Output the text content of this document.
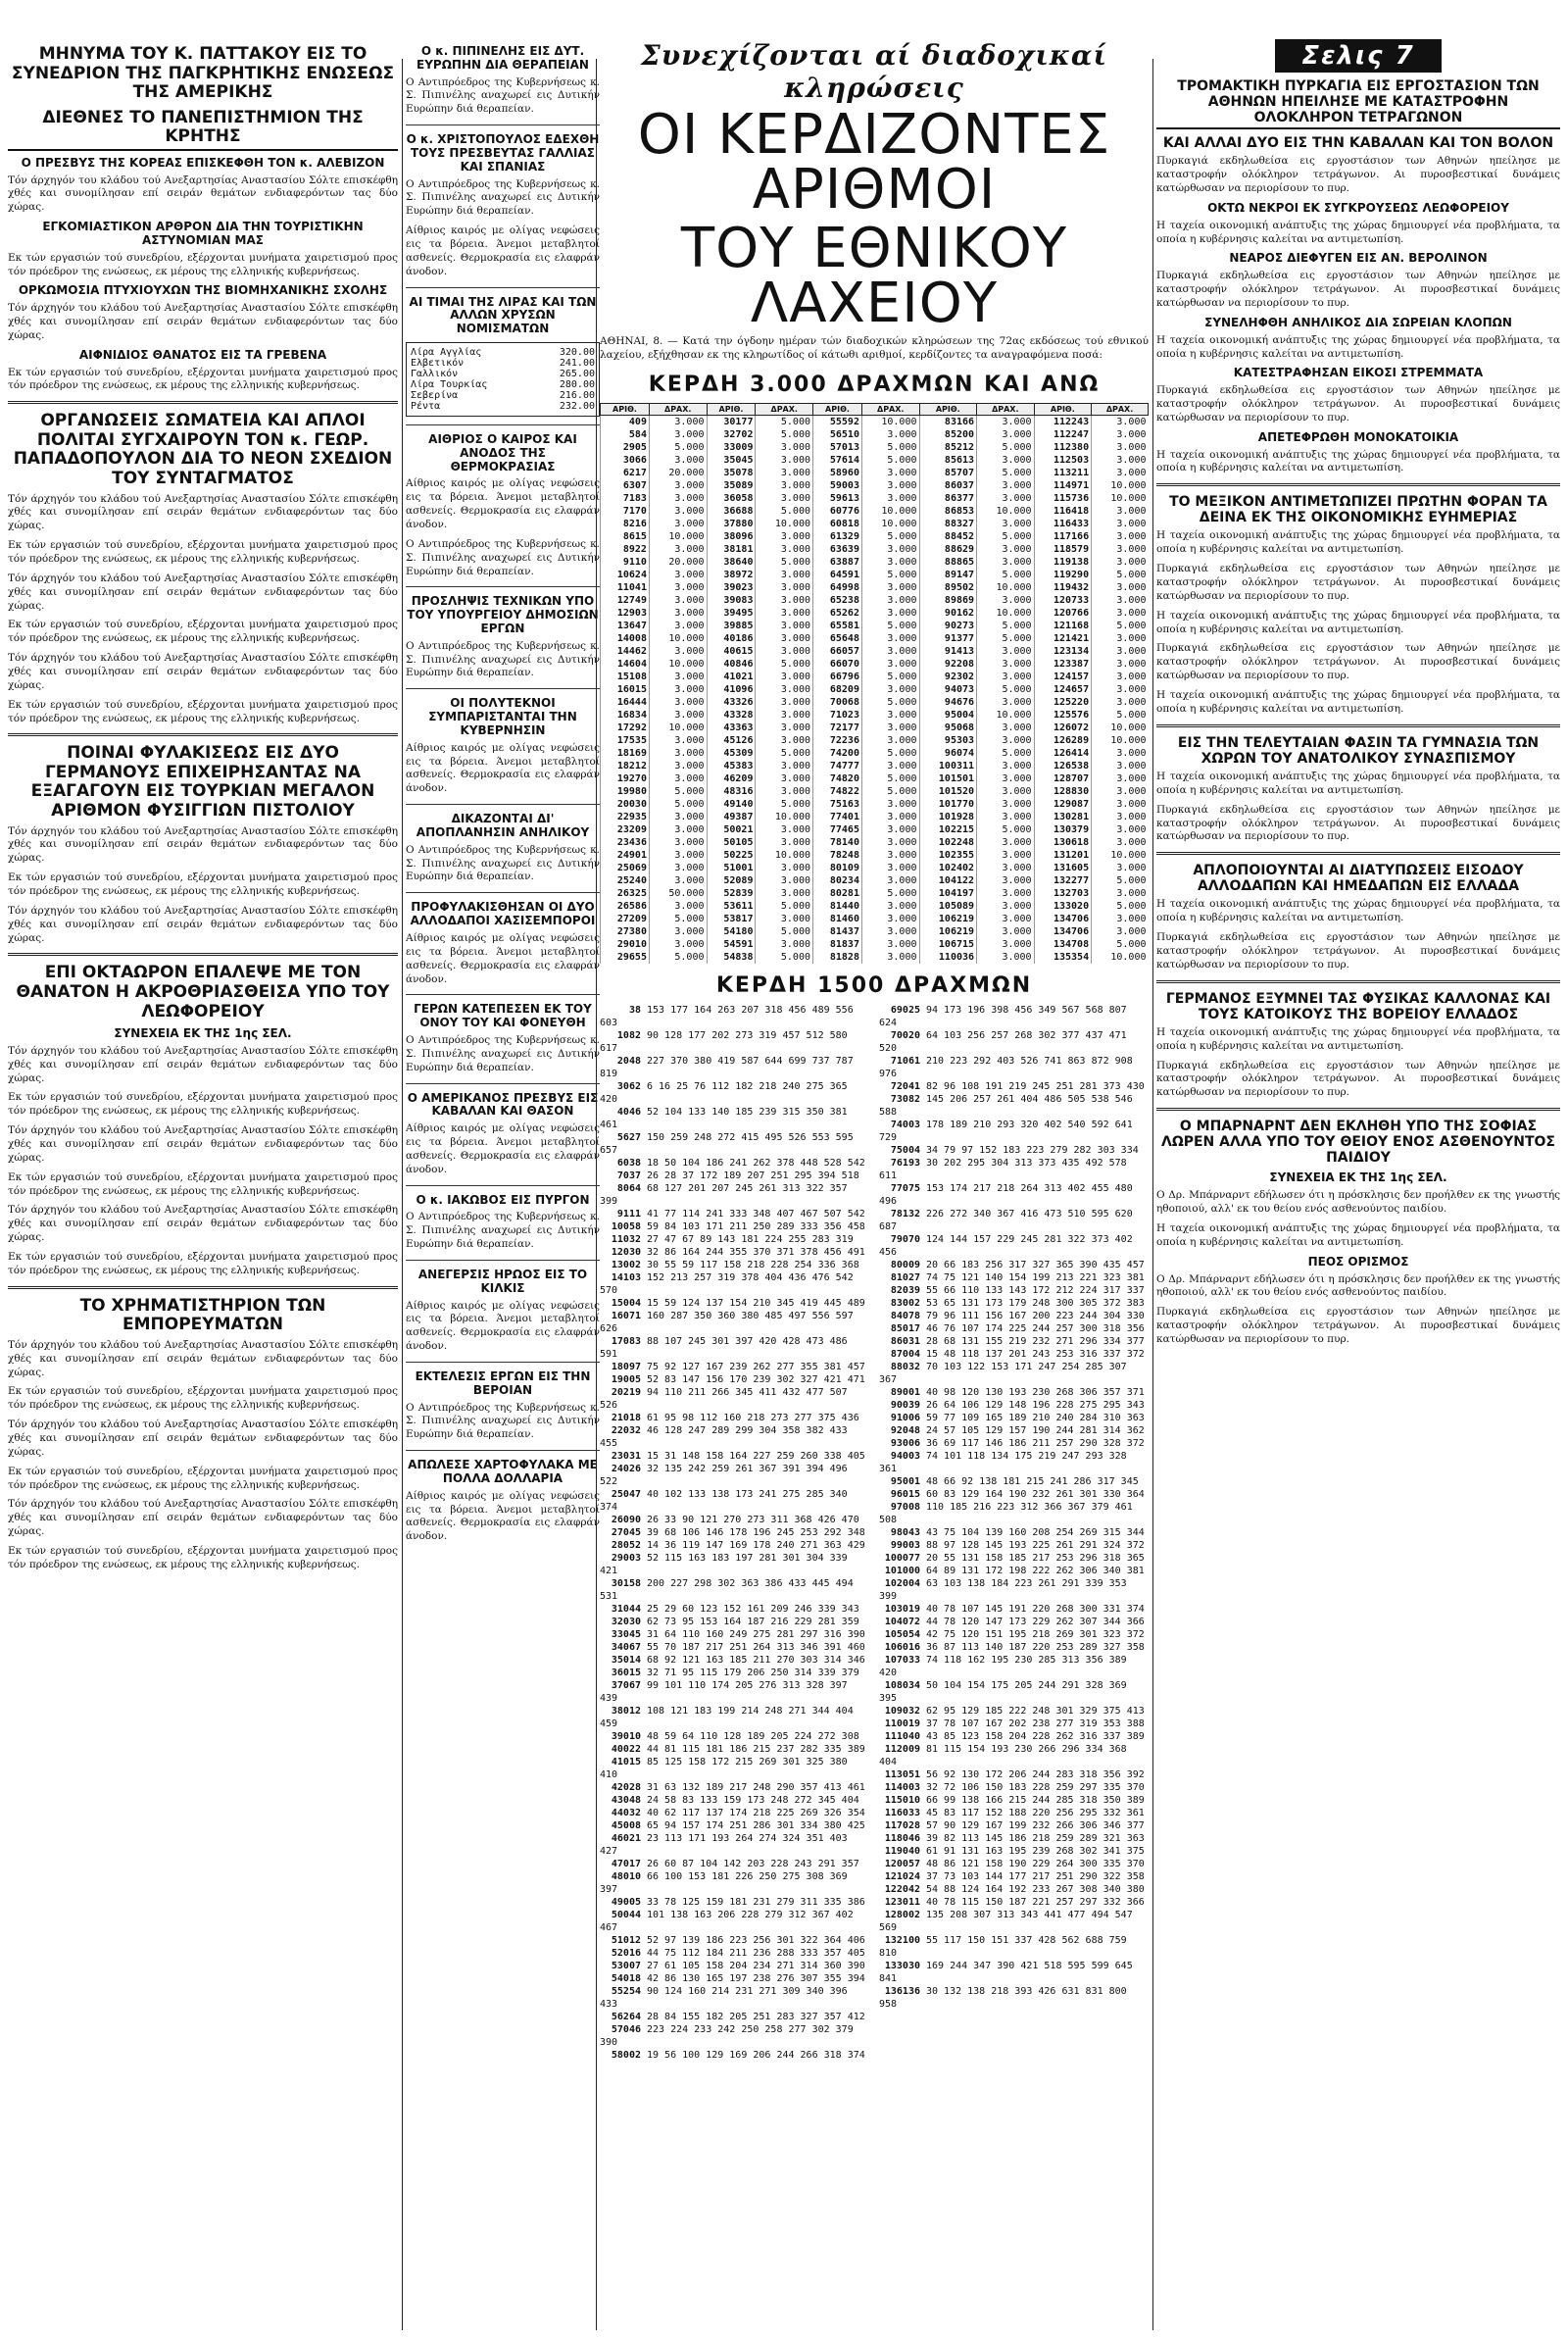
ΜΗΝΥΜΑ ΤΟΥ Κ. ΠΑΤΤΑΚΟΥ ΕΙΣ ΤΟ ΣΥΝΕΔΡΙΟΝ ΤΗΣ ΠΑΓΚΡΗΤΙΚΗΣ ΕΝΩΣΕΩΣ ΤΗΣ ΑΜΕΡΙΚΗΣ
ΔΙΕΘΝΕΣ ΤΟ ΠΑΝΕΠΙΣΤΗΜΙΟΝ ΤΗΣ ΚΡΗΤΗΣ
Ο ΠΡΕΣΒΥΣ ΤΗΣ ΚΟΡΕΑΣ ΕΠΙΣΚΕΦΘΗ ΤΟΝ κ. ΑΛΕΒΙΖΟΝ

Τόν άρχηγόν του κλάδου τού Ανεξαρτησίας Αναστασίου Σόλτε επισκέφθη χθές και συνομίλησαν επί σειράν θεμάτων ενδιαφερόντων τας δύο χώρας.

ΕΓΚΟΜΙΑΣΤΙΚΟΝ ΑΡΘΡΟΝ ΔΙΑ ΤΗΝ ΤΟΥΡΙΣΤΙΚΗΝ ΑΣΤΥΝΟΜΙΑΝ ΜΑΣ

Εκ τών εργασιών τού συνεδρίου, εξέρχονται μυνήματα χαιρετισμού προς τόν πρόεδρον της ενώσεως, εκ μέρους της ελληνικής κυβερνήσεως.

ΟΡΚΩΜΟΣΙΑ ΠΤΥΧΙΟΥΧΩΝ ΤΗΣ ΒΙΟΜΗΧΑΝΙΚΗΣ ΣΧΟΛΗΣ

Τόν άρχηγόν του κλάδου τού Ανεξαρτησίας Αναστασίου Σόλτε επισκέφθη χθές και συνομίλησαν επί σειράν θεμάτων ενδιαφερόντων τας δύο χώρας.

ΑΙΦΝΙΔΙΟΣ ΘΑΝΑΤΟΣ ΕΙΣ ΤΑ ΓΡΕΒΕΝΑ

Εκ τών εργασιών τού συνεδρίου, εξέρχονται μυνήματα χαιρετισμού προς τόν πρόεδρον της ενώσεως, εκ μέρους της ελληνικής κυβερνήσεως.

ΟΡΓΑΝΩΣΕΙΣ ΣΩΜΑΤΕΙΑ ΚΑΙ ΑΠΛΟΙ ΠΟΛΙΤΑΙ ΣΥΓΧΑΙΡΟΥΝ ΤΟΝ κ. ΓΕΩΡ. ΠΑΠΑΔΟΠΟΥΛΟΝ ΔΙΑ ΤΟ ΝΕΟΝ ΣΧΕΔΙΟΝ ΤΟΥ ΣΥΝΤΑΓΜΑΤΟΣ

Τόν άρχηγόν του κλάδου τού Ανεξαρτησίας Αναστασίου Σόλτε επισκέφθη χθές και συνομίλησαν επί σειράν θεμάτων ενδιαφερόντων τας δύο χώρας.

Εκ τών εργασιών τού συνεδρίου, εξέρχονται μυνήματα χαιρετισμού προς τόν πρόεδρον της ενώσεως, εκ μέρους της ελληνικής κυβερνήσεως.

Τόν άρχηγόν του κλάδου τού Ανεξαρτησίας Αναστασίου Σόλτε επισκέφθη χθές και συνομίλησαν επί σειράν θεμάτων ενδιαφερόντων τας δύο χώρας.

Εκ τών εργασιών τού συνεδρίου, εξέρχονται μυνήματα χαιρετισμού προς τόν πρόεδρον της ενώσεως, εκ μέρους της ελληνικής κυβερνήσεως.

Τόν άρχηγόν του κλάδου τού Ανεξαρτησίας Αναστασίου Σόλτε επισκέφθη χθές και συνομίλησαν επί σειράν θεμάτων ενδιαφερόντων τας δύο χώρας.

Εκ τών εργασιών τού συνεδρίου, εξέρχονται μυνήματα χαιρετισμού προς τόν πρόεδρον της ενώσεως, εκ μέρους της ελληνικής κυβερνήσεως.

ΠΟΙΝΑΙ ΦΥΛΑΚΙΣΕΩΣ ΕΙΣ ΔΥΟ ΓΕΡΜΑΝΟΥΣ ΕΠΙΧΕΙΡΗΣΑΝΤΑΣ ΝΑ ΕΞΑΓΑΓΟΥΝ ΕΙΣ ΤΟΥΡΚΙΑΝ ΜΕΓΑΛΟΝ ΑΡΙΘΜΟΝ ΦΥΣΙΓΓΙΩΝ ΠΙΣΤΟΛΙΟΥ

Τόν άρχηγόν του κλάδου τού Ανεξαρτησίας Αναστασίου Σόλτε επισκέφθη χθές και συνομίλησαν επί σειράν θεμάτων ενδιαφερόντων τας δύο χώρας.

Εκ τών εργασιών τού συνεδρίου, εξέρχονται μυνήματα χαιρετισμού προς τόν πρόεδρον της ενώσεως, εκ μέρους της ελληνικής κυβερνήσεως.

Τόν άρχηγόν του κλάδου τού Ανεξαρτησίας Αναστασίου Σόλτε επισκέφθη χθές και συνομίλησαν επί σειράν θεμάτων ενδιαφερόντων τας δύο χώρας.

ΕΠΙ ΟΚΤΑΩΡΟΝ ΕΠΑΛΕΨΕ ΜΕ ΤΟΝ ΘΑΝΑΤΟΝ Η ΑΚΡΟΘΡΙΑΣΘΕΙΣΑ ΥΠΟ ΤΟΥ ΛΕΩΦΟΡΕΙΟΥ
ΣΥΝΕΧΕΙΑ ΕΚ ΤΗΣ 1ης ΣΕΛ.

Τόν άρχηγόν του κλάδου τού Ανεξαρτησίας Αναστασίου Σόλτε επισκέφθη χθές και συνομίλησαν επί σειράν θεμάτων ενδιαφερόντων τας δύο χώρας.

Εκ τών εργασιών τού συνεδρίου, εξέρχονται μυνήματα χαιρετισμού προς τόν πρόεδρον της ενώσεως, εκ μέρους της ελληνικής κυβερνήσεως.

Τόν άρχηγόν του κλάδου τού Ανεξαρτησίας Αναστασίου Σόλτε επισκέφθη χθές και συνομίλησαν επί σειράν θεμάτων ενδιαφερόντων τας δύο χώρας.

Εκ τών εργασιών τού συνεδρίου, εξέρχονται μυνήματα χαιρετισμού προς τόν πρόεδρον της ενώσεως, εκ μέρους της ελληνικής κυβερνήσεως.

Τόν άρχηγόν του κλάδου τού Ανεξαρτησίας Αναστασίου Σόλτε επισκέφθη χθές και συνομίλησαν επί σειράν θεμάτων ενδιαφερόντων τας δύο χώρας.

Εκ τών εργασιών τού συνεδρίου, εξέρχονται μυνήματα χαιρετισμού προς τόν πρόεδρον της ενώσεως, εκ μέρους της ελληνικής κυβερνήσεως.

ΤΟ ΧΡΗΜΑΤΙΣΤΗΡΙΟΝ ΤΩΝ ΕΜΠΟΡΕΥΜΑΤΩΝ

Τόν άρχηγόν του κλάδου τού Ανεξαρτησίας Αναστασίου Σόλτε επισκέφθη χθές και συνομίλησαν επί σειράν θεμάτων ενδιαφερόντων τας δύο χώρας.

Εκ τών εργασιών τού συνεδρίου, εξέρχονται μυνήματα χαιρετισμού προς τόν πρόεδρον της ενώσεως, εκ μέρους της ελληνικής κυβερνήσεως.

Τόν άρχηγόν του κλάδου τού Ανεξαρτησίας Αναστασίου Σόλτε επισκέφθη χθές και συνομίλησαν επί σειράν θεμάτων ενδιαφερόντων τας δύο χώρας.

Εκ τών εργασιών τού συνεδρίου, εξέρχονται μυνήματα χαιρετισμού προς τόν πρόεδρον της ενώσεως, εκ μέρους της ελληνικής κυβερνήσεως.

Τόν άρχηγόν του κλάδου τού Ανεξαρτησίας Αναστασίου Σόλτε επισκέφθη χθές και συνομίλησαν επί σειράν θεμάτων ενδιαφερόντων τας δύο χώρας.

Εκ τών εργασιών τού συνεδρίου, εξέρχονται μυνήματα χαιρετισμού προς τόν πρόεδρον της ενώσεως, εκ μέρους της ελληνικής κυβερνήσεως.

Ο κ. ΠΙΠΙΝΕΛΗΣ ΕΙΣ ΔΥΤ. ΕΥΡΩΠΗΝ ΔΙΑ ΘΕΡΑΠΕΙΑΝ

Ο Αντιπρόεδρος της Κυβερνήσεως κ. Σ. Πιπινέλης αναχωρεί εις Δυτικήν Ευρώπην διά θεραπείαν.

Ο κ. ΧΡΙΣΤΟΠΟΥΛΟΣ ΕΔΕΧΘΗ ΤΟΥΣ ΠΡΕΣΒΕΥΤΑΣ ΓΑΛΛΙΑΣ ΚΑΙ ΣΠΑΝΙΑΣ

Ο Αντιπρόεδρος της Κυβερνήσεως κ. Σ. Πιπινέλης αναχωρεί εις Δυτικήν Ευρώπην διά θεραπείαν.

Αίθριος καιρός με ολίγας νεφώσεις εις τα βόρεια. Άνεμοι μεταβλητοί ασθενείς. Θερμοκρασία εις ελαφράν άνοδον.

ΑΙ ΤΙΜΑΙ ΤΗΣ ΛΙΡΑΣ ΚΑΙ ΤΩΝ ΑΛΛΩΝ ΧΡΥΣΩΝ ΝΟΜΙΣΜΑΤΩΝ
Λίρα Αγγλίας	320.00
Ελβετικόν	241.00
Γαλλικόν	265.00
Λίρα Τουρκίας	280.00
Σεβερίνα	216.00
Ρέντα	232.00
ΑΙΘΡΙΟΣ Ο ΚΑΙΡΟΣ ΚΑΙ ΑΝΟΔΟΣ ΤΗΣ ΘΕΡΜΟΚΡΑΣΙΑΣ

Αίθριος καιρός με ολίγας νεφώσεις εις τα βόρεια. Άνεμοι μεταβλητοί ασθενείς. Θερμοκρασία εις ελαφράν άνοδον.

Ο Αντιπρόεδρος της Κυβερνήσεως κ. Σ. Πιπινέλης αναχωρεί εις Δυτικήν Ευρώπην διά θεραπείαν.

ΠΡΟΣΛΗΨΙΣ ΤΕΧΝΙΚΩΝ ΥΠΟ ΤΟΥ ΥΠΟΥΡΓΕΙΟΥ ΔΗΜΟΣΙΩΝ ΕΡΓΩΝ

Ο Αντιπρόεδρος της Κυβερνήσεως κ. Σ. Πιπινέλης αναχωρεί εις Δυτικήν Ευρώπην διά θεραπείαν.

ΟΙ ΠΟΛΥΤΕΚΝΟΙ ΣΥΜΠΑΡΙΣΤΑΝΤΑΙ ΤΗΝ ΚΥΒΕΡΝΗΣΙΝ

Αίθριος καιρός με ολίγας νεφώσεις εις τα βόρεια. Άνεμοι μεταβλητοί ασθενείς. Θερμοκρασία εις ελαφράν άνοδον.

ΔΙΚΑΖΟΝΤΑΙ ΔΙ' ΑΠΟΠΛΑΝΗΣΙΝ ΑΝΗΛΙΚΟΥ

Ο Αντιπρόεδρος της Κυβερνήσεως κ. Σ. Πιπινέλης αναχωρεί εις Δυτικήν Ευρώπην διά θεραπείαν.

ΠΡΟΦΥΛΑΚΙΣΘΗΣΑΝ ΟΙ ΔΥΟ ΑΛΛΟΔΑΠΟΙ ΧΑΣΙΣΕΜΠΟΡΟΙ

Αίθριος καιρός με ολίγας νεφώσεις εις τα βόρεια. Άνεμοι μεταβλητοί ασθενείς. Θερμοκρασία εις ελαφράν άνοδον.

ΓΕΡΩΝ ΚΑΤΕΠΕΣΕΝ ΕΚ ΤΟΥ ΟΝΟΥ ΤΟΥ ΚΑΙ ΦΟΝΕΥΘΗ

Ο Αντιπρόεδρος της Κυβερνήσεως κ. Σ. Πιπινέλης αναχωρεί εις Δυτικήν Ευρώπην διά θεραπείαν.

Ο ΑΜΕΡΙΚΑΝΟΣ ΠΡΕΣΒΥΣ ΕΙΣ ΚΑΒΑΛΑΝ ΚΑΙ ΘΑΣΟΝ

Αίθριος καιρός με ολίγας νεφώσεις εις τα βόρεια. Άνεμοι μεταβλητοί ασθενείς. Θερμοκρασία εις ελαφράν άνοδον.

Ο κ. ΙΑΚΩΒΟΣ ΕΙΣ ΠΥΡΓΟΝ

Ο Αντιπρόεδρος της Κυβερνήσεως κ. Σ. Πιπινέλης αναχωρεί εις Δυτικήν Ευρώπην διά θεραπείαν.

ΑΝΕΓΕΡΣΙΣ ΗΡΩΟΣ ΕΙΣ ΤΟ ΚΙΛΚΙΣ

Αίθριος καιρός με ολίγας νεφώσεις εις τα βόρεια. Άνεμοι μεταβλητοί ασθενείς. Θερμοκρασία εις ελαφράν άνοδον.

ΕΚΤΕΛΕΣΙΣ ΕΡΓΩΝ ΕΙΣ ΤΗΝ ΒΕΡΟΙΑΝ

Ο Αντιπρόεδρος της Κυβερνήσεως κ. Σ. Πιπινέλης αναχωρεί εις Δυτικήν Ευρώπην διά θεραπείαν.

ΑΠΩΛΕΣΕ ΧΑΡΤΟΦΥΛΑΚΑ ΜΕ ΠΟΛΛΑ ΔΟΛΛΑΡΙΑ

Αίθριος καιρός με ολίγας νεφώσεις εις τα βόρεια. Άνεμοι μεταβλητοί ασθενείς. Θερμοκρασία εις ελαφράν άνοδον.

Συνεχίζονται αί διαδοχικαί κληρώσεις
ΟΙ ΚΕΡΔΙΖΟΝΤΕΣ ΑΡΙΘΜΟΙ
ΤΟΥ ΕΘΝΙΚΟΥ ΛΑΧΕΙΟΥ

ΑΘΗΝΑΙ, 8. — Κατά την όγδοην ημέραν τών διαδοχικών κληρώσεων της 72ας εκδόσεως τού εθνικού λαχείου, εξήχθησαν εκ της κληρωτίδος οί κάτωθι αριθμοί, κερδίζοντες τα αναγραφόμενα ποσά:

ΚΕΡΔΗ 3.000 ΔΡΑΧΜΩΝ ΚΑΙ ΑΝΩ
ΑΡΙΘ.	ΔΡΑΧ.	ΑΡΙΘ.	ΔΡΑΧ.	ΑΡΙΘ.	ΔΡΑΧ.	ΑΡΙΘ.	ΔΡΑΧ.	ΑΡΙΘ.	ΔΡΑΧ.
409	3.000	30177	5.000	55592	10.000	83166	3.000	112243	3.000
584	3.000	32702	5.000	56510	3.000	85200	3.000	112247	3.000
2905	5.000	33009	3.000	57013	5.000	85212	5.000	112380	3.000
3066	3.000	35045	3.000	57614	5.000	85613	3.000	112503	3.000
6217	20.000	35078	3.000	58960	3.000	85707	5.000	113211	3.000
6307	3.000	35089	3.000	59003	3.000	86037	3.000	114971	10.000
7183	3.000	36058	3.000	59613	3.000	86377	3.000	115736	10.000
7170	3.000	36688	5.000	60776	10.000	86853	10.000	116418	3.000
8216	3.000	37880	10.000	60818	10.000	88327	3.000	116433	3.000
8615	10.000	38096	3.000	61329	5.000	88452	5.000	117166	3.000
8922	3.000	38181	3.000	63639	3.000	88629	3.000	118579	3.000
9110	20.000	38640	5.000	63887	3.000	88865	3.000	119138	3.000
10624	3.000	38972	3.000	64591	5.000	89147	5.000	119290	5.000
11041	3.000	39023	3.000	64998	3.000	89502	10.000	119432	3.000
12749	3.000	39083	3.000	65238	3.000	89869	3.000	120733	3.000
12903	3.000	39495	3.000	65262	3.000	90162	10.000	120766	3.000
13647	3.000	39885	3.000	65581	5.000	90273	5.000	121168	5.000
14008	10.000	40186	3.000	65648	3.000	91377	5.000	121421	3.000
14462	3.000	40615	3.000	66057	3.000	91413	3.000	123134	3.000
14604	10.000	40846	5.000	66070	3.000	92208	3.000	123387	3.000
15108	3.000	41021	3.000	66796	5.000	92302	3.000	124157	3.000
16015	3.000	41096	3.000	68209	3.000	94073	5.000	124657	3.000
16444	3.000	43326	3.000	70068	5.000	94676	3.000	125220	3.000
16834	3.000	43328	3.000	71023	3.000	95004	10.000	125576	5.000
17292	10.000	43363	3.000	72177	3.000	95068	3.000	126072	10.000
17535	3.000	45126	3.000	72236	3.000	95303	3.000	126289	10.000
18169	3.000	45309	5.000	74200	5.000	96074	5.000	126414	3.000
18212	3.000	45383	3.000	74777	3.000	100311	3.000	126538	3.000
19270	3.000	46209	3.000	74820	5.000	101501	3.000	128707	3.000
19980	5.000	48316	3.000	74822	5.000	101520	3.000	128830	3.000
20030	5.000	49140	5.000	75163	3.000	101770	3.000	129087	3.000
22935	3.000	49387	10.000	77401	3.000	101928	3.000	130281	3.000
23209	3.000	50021	3.000	77465	3.000	102215	5.000	130379	3.000
23436	3.000	50105	3.000	78140	3.000	102248	3.000	130618	3.000
24901	3.000	50225	10.000	78248	3.000	102355	3.000	131201	10.000
25069	3.000	51001	3.000	80109	3.000	102402	3.000	131605	3.000
25240	3.000	52089	3.000	80234	3.000	104122	3.000	132277	5.000
26325	50.000	52839	3.000	80281	5.000	104197	3.000	132703	3.000
26586	3.000	53611	5.000	81440	3.000	105089	3.000	133020	5.000
27209	5.000	53817	3.000	81460	3.000	106219	3.000	134706	3.000
27380	3.000	54180	5.000	81437	3.000	106219	3.000	134706	3.000
29010	3.000	54591	3.000	81837	3.000	106715	3.000	134708	5.000
29655	5.000	54838	5.000	81828	3.000	110036	3.000	135354	10.000
ΚΕΡΔΗ 1500 ΔΡΑΧΜΩΝ
38 153 177 164 263 207 318 456 489 556 603
1082 90 128 177 202 273 319 457 512 580 617
2048 227 370 380 419 587 644 699 737 787 819
3062 6 16 25 76 112 182 218 240 275 365 420
4046 52 104 133 140 185 239 315 350 381 461
5627 150 259 248 272 415 495 526 553 595 657
6038 18 50 104 186 241 262 378 448 528 542
7037 26 28 37 172 189 207 251 295 394 518
8064 68 127 201 207 245 261 313 322 357 399
9111 41 77 114 241 333 348 407 467 507 542
10058 59 84 103 171 211 250 289 333 356 458
11032 27 47 67 89 143 181 224 255 283 319
12030 32 86 164 244 355 370 371 378 456 491
13002 30 55 59 117 158 218 228 254 336 368
14103 152 213 257 319 378 404 436 476 542 570
15004 15 59 124 137 154 210 345 419 445 489
16071 160 287 350 360 380 485 497 556 597 626
17083 88 107 245 301 397 420 428 473 486 591
18097 75 92 127 167 239 262 277 355 381 457
19005 52 83 147 156 170 239 302 327 421 471
20219 94 110 211 266 345 411 432 477 507 526
21018 61 95 98 112 160 218 273 277 375 436
22032 46 128 247 289 299 304 358 382 433 455
23031 15 31 148 158 164 227 259 260 338 405
24026 32 135 242 259 261 367 391 394 496 522
25047 40 102 133 138 173 241 275 285 340 374
26090 26 33 90 121 270 273 311 368 426 470
27045 39 68 106 146 178 196 245 253 292 348
28052 14 36 119 147 169 178 240 271 363 429
29003 52 115 163 183 197 281 301 304 339 421
30158 200 227 298 302 363 386 433 445 494 531
31044 25 29 60 123 152 161 209 246 339 343
32030 62 73 95 153 164 187 216 229 281 359
33045 31 64 110 160 249 275 281 297 316 390
34067 55 70 187 217 251 264 313 346 391 460
35014 68 92 121 163 185 211 270 303 314 346
36015 32 71 95 115 179 206 250 314 339 379
37067 99 101 110 174 205 276 313 328 397 439
38012 108 121 183 199 214 248 271 344 404 459
39010 48 59 64 110 128 189 205 224 272 308
40022 44 81 115 181 186 215 237 282 335 389
41015 85 125 158 172 215 269 301 325 380 410
42028 31 63 132 189 217 248 290 357 413 461
43048 24 58 83 133 159 173 248 272 345 404
44032 40 62 117 137 174 218 225 269 326 354
45008 65 94 157 174 251 286 301 334 380 425
46021 23 113 171 193 264 274 324 351 403 427
47017 26 60 87 104 142 203 228 243 291 357
48010 66 100 153 181 226 250 275 308 369 397
49005 33 78 125 159 181 231 279 311 335 386
50044 101 138 163 206 228 279 312 367 402 467
51012 52 97 139 186 223 256 301 322 364 406
52016 44 75 112 184 211 236 288 333 357 405
53007 27 61 105 158 204 234 271 314 360 390
54018 42 86 130 165 197 238 276 307 355 394
55254 90 124 160 214 231 271 309 340 396 433
56264 28 84 155 182 205 251 283 327 357 412
57046 223 224 233 242 250 258 277 302 379 390
58002 19 56 100 129 169 206 244 266 318 374
69025 94 173 196 398 456 349 567 568 807 624
70020 64 103 256 257 268 302 377 437 471 520
71061 210 223 292 403 526 741 863 872 908 976
72041 82 96 108 191 219 245 251 281 373 430
73082 145 206 257 261 404 486 505 538 546 588
74003 178 189 210 293 320 402 540 592 641 729
75004 34 79 97 152 183 223 279 282 303 334
76193 30 202 295 304 313 373 435 492 578 611
77075 153 174 217 218 264 313 402 455 480 496
78132 226 272 340 367 416 473 510 595 620 687
79070 124 144 157 229 245 281 322 373 402 456
80009 20 66 183 256 317 327 365 390 435 457
81027 74 75 121 140 154 199 213 221 323 381
82039 55 66 110 133 143 172 212 224 317 337
83002 53 65 131 173 179 248 300 305 372 383
84078 79 96 111 156 167 200 223 244 304 330
85017 46 76 107 174 225 244 257 300 318 356
86031 28 68 131 155 219 232 271 296 334 377
87004 15 48 118 137 201 243 253 316 337 372
88032 70 103 122 153 171 247 254 285 307 367
89001 40 98 120 130 193 230 268 306 357 371
90039 26 64 106 129 148 196 228 275 295 343
91006 59 77 109 165 189 210 240 284 310 363
92048 24 57 105 129 157 190 244 281 314 362
93006 36 69 117 146 186 211 257 290 328 372
94003 74 101 118 134 175 219 247 293 328 361
95001 48 66 92 138 181 215 241 286 317 345
96015 60 83 129 164 190 232 261 301 330 364
97008 110 185 216 223 312 366 367 379 461 508
98043 43 75 104 139 160 208 254 269 315 344
99003 88 97 128 145 193 225 261 291 324 372
100077 20 55 131 158 185 217 253 296 318 365
101000 64 89 131 172 198 222 262 306 340 381
102004 63 103 138 184 223 261 291 339 353 399
103019 40 78 107 145 191 220 268 300 331 374
104072 44 78 120 147 173 229 262 307 344 366
105054 42 75 120 151 195 218 269 301 323 372
106016 36 87 113 140 187 220 253 289 327 358
107033 74 118 162 195 230 285 313 356 389 420
108034 50 104 154 175 205 244 291 328 369 395
109032 62 95 129 185 222 248 301 329 375 413
110019 37 78 107 167 202 238 277 319 353 388
111040 43 85 123 158 204 228 262 316 337 389
112009 81 115 154 193 230 266 296 334 368 404
113051 56 92 130 172 206 244 283 318 356 392
114003 32 72 106 150 183 228 259 297 335 370
115010 66 99 138 166 215 244 285 318 350 389
116033 45 83 117 152 188 220 256 295 332 361
117028 57 90 129 167 199 232 266 306 346 377
118046 39 82 113 145 186 218 259 289 321 363
119040 61 91 131 163 195 239 268 302 341 375
120057 48 86 121 158 190 229 264 300 335 370
121024 37 73 103 144 177 217 251 290 322 358
122042 54 88 124 164 192 233 267 308 340 380
123011 40 78 115 150 187 221 257 297 332 366
128002 135 208 307 313 343 441 477 494 547 569
132100 55 117 150 151 337 428 562 688 759 810
133030 169 244 347 390 421 518 595 599 645 841
136136 30 132 138 218 393 426 631 831 800 958
Σελις 7
ΤΡΟΜΑΚΤΙΚΗ ΠΥΡΚΑΓΙΑ ΕΙΣ ΕΡΓΟΣΤΑΣΙΟΝ ΤΩΝ ΑΘΗΝΩΝ ΗΠΕΙΛΗΣΕ ΜΕ ΚΑΤΑΣΤΡΟΦΗΝ ΟΛΟΚΛΗΡΟΝ ΤΕΤΡΑΓΩΝΟΝ
ΚΑΙ ΑΛΛΑΙ ΔΥΟ ΕΙΣ ΤΗΝ ΚΑΒΑΛΑΝ ΚΑΙ ΤΟΝ ΒΟΛΟΝ

Πυρκαγιά εκδηλωθείσα εις εργοστάσιον των Αθηνών ηπείλησε με καταστροφήν ολόκληρον τετράγωνον. Αι πυροσβεστικαί δυνάμεις κατώρθωσαν να περιορίσουν το πυρ.

ΟΚΤΩ ΝΕΚΡΟΙ ΕΚ ΣΥΓΚΡΟΥΣΕΩΣ ΛΕΩΦΟΡΕΙΟΥ

Η ταχεία οικονομική ανάπτυξις της χώρας δημιουργεί νέα προβλήματα, τα οποία η κυβέρνησις καλείται να αντιμετωπίση.

ΝΕΑΡΟΣ ΔΙΕΦΥΓΕΝ ΕΙΣ ΑΝ. ΒΕΡΟΛΙΝΟΝ

Πυρκαγιά εκδηλωθείσα εις εργοστάσιον των Αθηνών ηπείλησε με καταστροφήν ολόκληρον τετράγωνον. Αι πυροσβεστικαί δυνάμεις κατώρθωσαν να περιορίσουν το πυρ.

ΣΥΝΕΛΗΦΘΗ ΑΝΗΛΙΚΟΣ ΔΙΑ ΣΩΡΕΙΑΝ ΚΛΟΠΩΝ

Η ταχεία οικονομική ανάπτυξις της χώρας δημιουργεί νέα προβλήματα, τα οποία η κυβέρνησις καλείται να αντιμετωπίση.

ΚΑΤΕΣΤΡΑΦΗΣΑΝ ΕΙΚΟΣΙ ΣΤΡΕΜΜΑΤΑ

Πυρκαγιά εκδηλωθείσα εις εργοστάσιον των Αθηνών ηπείλησε με καταστροφήν ολόκληρον τετράγωνον. Αι πυροσβεστικαί δυνάμεις κατώρθωσαν να περιορίσουν το πυρ.

ΑΠΕΤΕΦΡΩΘΗ ΜΟΝΟΚΑΤΟΙΚΙΑ

Η ταχεία οικονομική ανάπτυξις της χώρας δημιουργεί νέα προβλήματα, τα οποία η κυβέρνησις καλείται να αντιμετωπίση.

ΤΟ ΜΕΞΙΚΟΝ ΑΝΤΙΜΕΤΩΠΙΖΕΙ ΠΡΩΤΗΝ ΦΟΡΑΝ ΤΑ ΔΕΙΝΑ ΕΚ ΤΗΣ ΟΙΚΟΝΟΜΙΚΗΣ ΕΥΗΜΕΡΙΑΣ

Η ταχεία οικονομική ανάπτυξις της χώρας δημιουργεί νέα προβλήματα, τα οποία η κυβέρνησις καλείται να αντιμετωπίση.

Πυρκαγιά εκδηλωθείσα εις εργοστάσιον των Αθηνών ηπείλησε με καταστροφήν ολόκληρον τετράγωνον. Αι πυροσβεστικαί δυνάμεις κατώρθωσαν να περιορίσουν το πυρ.

Η ταχεία οικονομική ανάπτυξις της χώρας δημιουργεί νέα προβλήματα, τα οποία η κυβέρνησις καλείται να αντιμετωπίση.

Πυρκαγιά εκδηλωθείσα εις εργοστάσιον των Αθηνών ηπείλησε με καταστροφήν ολόκληρον τετράγωνον. Αι πυροσβεστικαί δυνάμεις κατώρθωσαν να περιορίσουν το πυρ.

Η ταχεία οικονομική ανάπτυξις της χώρας δημιουργεί νέα προβλήματα, τα οποία η κυβέρνησις καλείται να αντιμετωπίση.

ΕΙΣ ΤΗΝ ΤΕΛΕΥΤΑΙΑΝ ΦΑΣΙΝ ΤΑ ΓΥΜΝΑΣΙΑ ΤΩΝ ΧΩΡΩΝ ΤΟΥ ΑΝΑΤΟΛΙΚΟΥ ΣΥΝΑΣΠΙΣΜΟΥ

Η ταχεία οικονομική ανάπτυξις της χώρας δημιουργεί νέα προβλήματα, τα οποία η κυβέρνησις καλείται να αντιμετωπίση.

Πυρκαγιά εκδηλωθείσα εις εργοστάσιον των Αθηνών ηπείλησε με καταστροφήν ολόκληρον τετράγωνον. Αι πυροσβεστικαί δυνάμεις κατώρθωσαν να περιορίσουν το πυρ.

ΑΠΛΟΠΟΙΟΥΝΤΑΙ ΑΙ ΔΙΑΤΥΠΩΣΕΙΣ ΕΙΣΟΔΟΥ ΑΛΛΟΔΑΠΩΝ ΚΑΙ ΗΜΕΔΑΠΩΝ ΕΙΣ ΕΛΛΑΔΑ

Η ταχεία οικονομική ανάπτυξις της χώρας δημιουργεί νέα προβλήματα, τα οποία η κυβέρνησις καλείται να αντιμετωπίση.

Πυρκαγιά εκδηλωθείσα εις εργοστάσιον των Αθηνών ηπείλησε με καταστροφήν ολόκληρον τετράγωνον. Αι πυροσβεστικαί δυνάμεις κατώρθωσαν να περιορίσουν το πυρ.

ΓΕΡΜΑΝΟΣ ΕΞΥΜΝΕΙ ΤΑΣ ΦΥΣΙΚΑΣ ΚΑΛΛΟΝΑΣ ΚΑΙ ΤΟΥΣ ΚΑΤΟΙΚΟΥΣ ΤΗΣ ΒΟΡΕΙΟΥ ΕΛΛΑΔΟΣ

Η ταχεία οικονομική ανάπτυξις της χώρας δημιουργεί νέα προβλήματα, τα οποία η κυβέρνησις καλείται να αντιμετωπίση.

Πυρκαγιά εκδηλωθείσα εις εργοστάσιον των Αθηνών ηπείλησε με καταστροφήν ολόκληρον τετράγωνον. Αι πυροσβεστικαί δυνάμεις κατώρθωσαν να περιορίσουν το πυρ.

Ο ΜΠΑΡΝΑΡΝΤ ΔΕΝ ΕΚΛΗΘΗ ΥΠΟ ΤΗΣ ΣΟΦΙΑΣ ΛΩΡΕΝ ΑΛΛΑ ΥΠΟ ΤΟΥ ΘΕΙΟΥ ΕΝΟΣ ΑΣΘΕΝΟΥΝΤΟΣ ΠΑΙΔΙΟΥ
ΣΥΝΕΧΕΙΑ ΕΚ ΤΗΣ 1ης ΣΕΛ.

Ο Δρ. Μπάρναρντ εδήλωσεν ότι η πρόσκλησις δεν προήλθεν εκ της γνωστής ηθοποιού, αλλ' εκ του θείου ενός ασθενούντος παιδίου.

Η ταχεία οικονομική ανάπτυξις της χώρας δημιουργεί νέα προβλήματα, τα οποία η κυβέρνησις καλείται να αντιμετωπίση.

ΠΕΟΣ ΟΡΙΣΜΟΣ

Ο Δρ. Μπάρναρντ εδήλωσεν ότι η πρόσκλησις δεν προήλθεν εκ της γνωστής ηθοποιού, αλλ' εκ του θείου ενός ασθενούντος παιδίου.

Πυρκαγιά εκδηλωθείσα εις εργοστάσιον των Αθηνών ηπείλησε με καταστροφήν ολόκληρον τετράγωνον. Αι πυροσβεστικαί δυνάμεις κατώρθωσαν να περιορίσουν το πυρ.
